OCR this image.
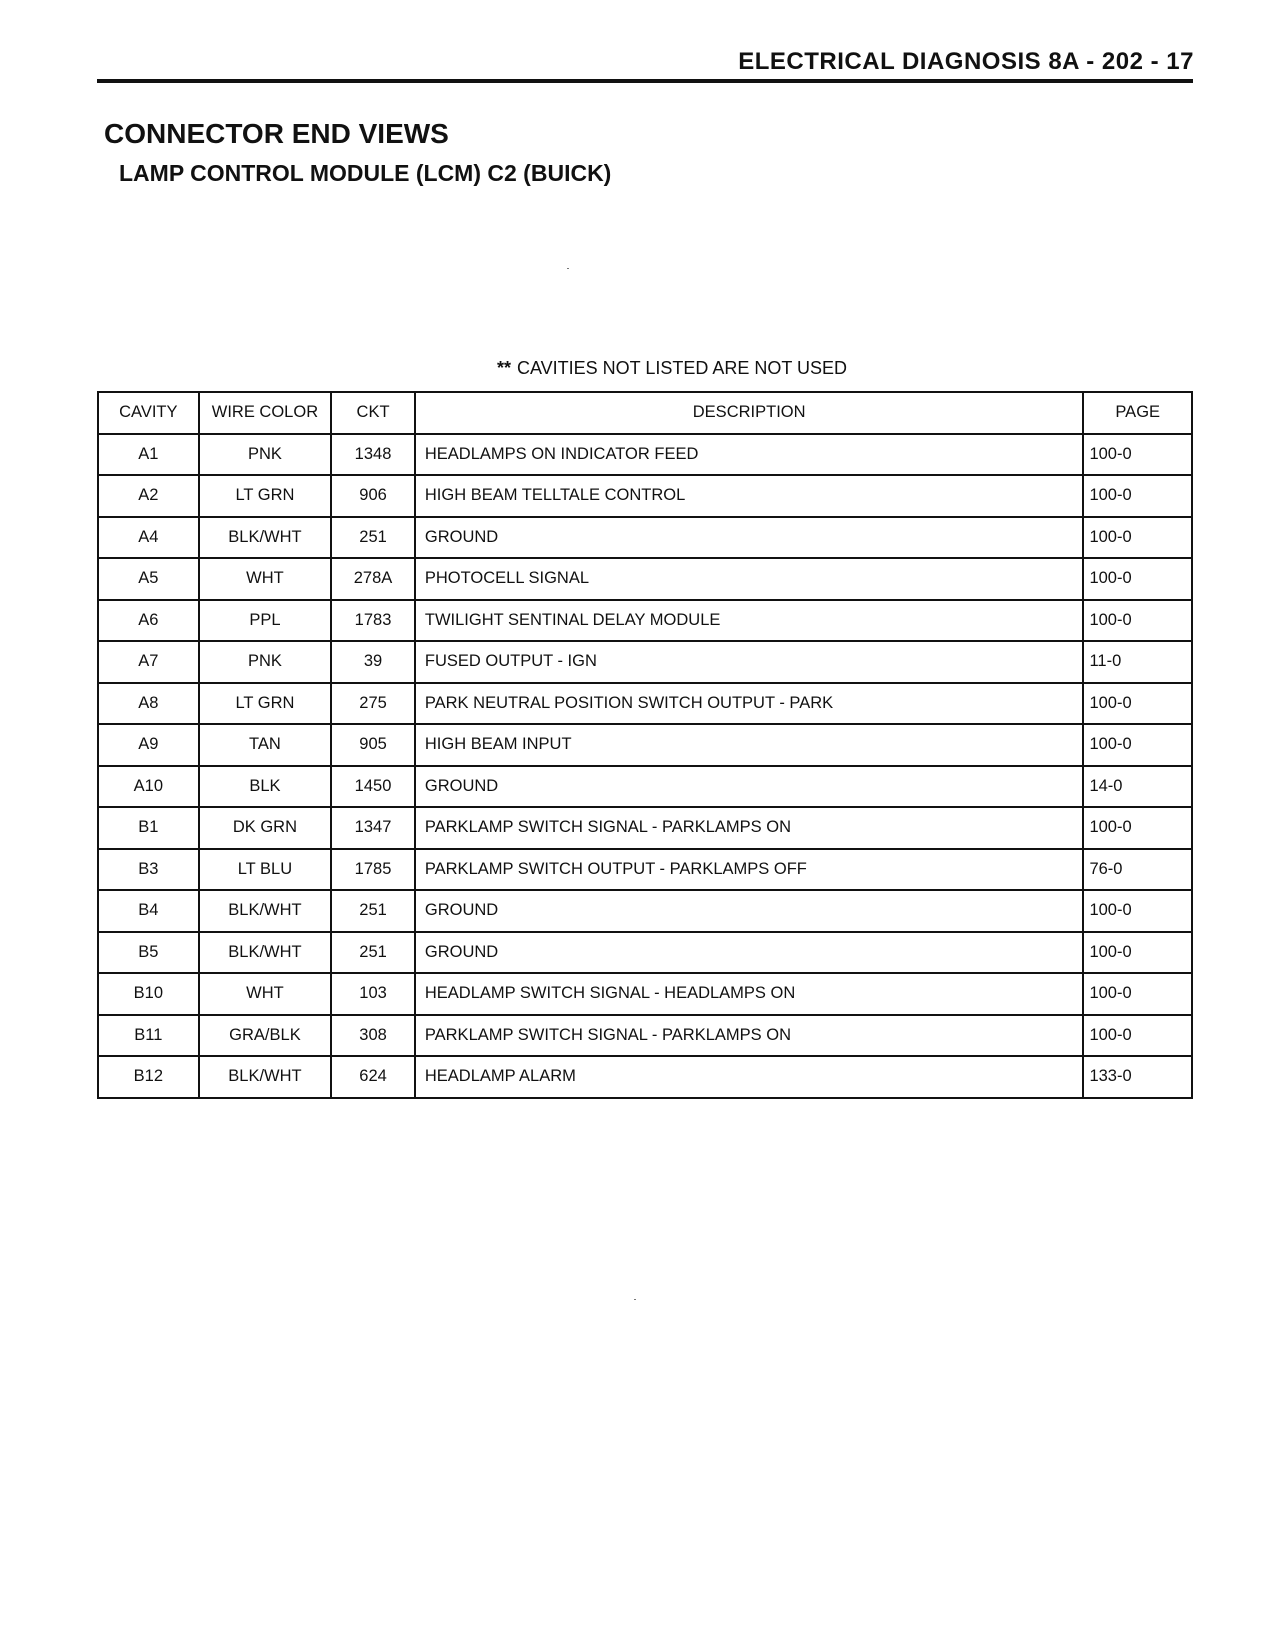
ELECTRICAL DIAGNOSIS 8A - 202 - 17
CONNECTOR END VIEWS
LAMP CONTROL MODULE (LCM) C2 (BUICK)
** CAVITIES NOT LISTED ARE NOT USED
CAVITY	WIRE COLOR	CKT	DESCRIPTION	PAGE
A1	PNK	1348	HEADLAMPS ON INDICATOR FEED	100-0
A2	LT GRN	906	HIGH BEAM TELLTALE CONTROL	100-0
A4	BLK/WHT	251	GROUND	100-0
A5	WHT	278A	PHOTOCELL SIGNAL	100-0
A6	PPL	1783	TWILIGHT SENTINAL DELAY MODULE	100-0
A7	PNK	39	FUSED OUTPUT - IGN	11-0
A8	LT GRN	275	PARK NEUTRAL POSITION SWITCH OUTPUT - PARK	100-0
A9	TAN	905	HIGH BEAM INPUT	100-0
A10	BLK	1450	GROUND	14-0
B1	DK GRN	1347	PARKLAMP SWITCH SIGNAL - PARKLAMPS ON	100-0
B3	LT BLU	1785	PARKLAMP SWITCH OUTPUT - PARKLAMPS OFF	76-0
B4	BLK/WHT	251	GROUND	100-0
B5	BLK/WHT	251	GROUND	100-0
B10	WHT	103	HEADLAMP SWITCH SIGNAL - HEADLAMPS ON	100-0
B11	GRA/BLK	308	PARKLAMP SWITCH SIGNAL - PARKLAMPS ON	100-0
B12	BLK/WHT	624	HEADLAMP ALARM	133-0
